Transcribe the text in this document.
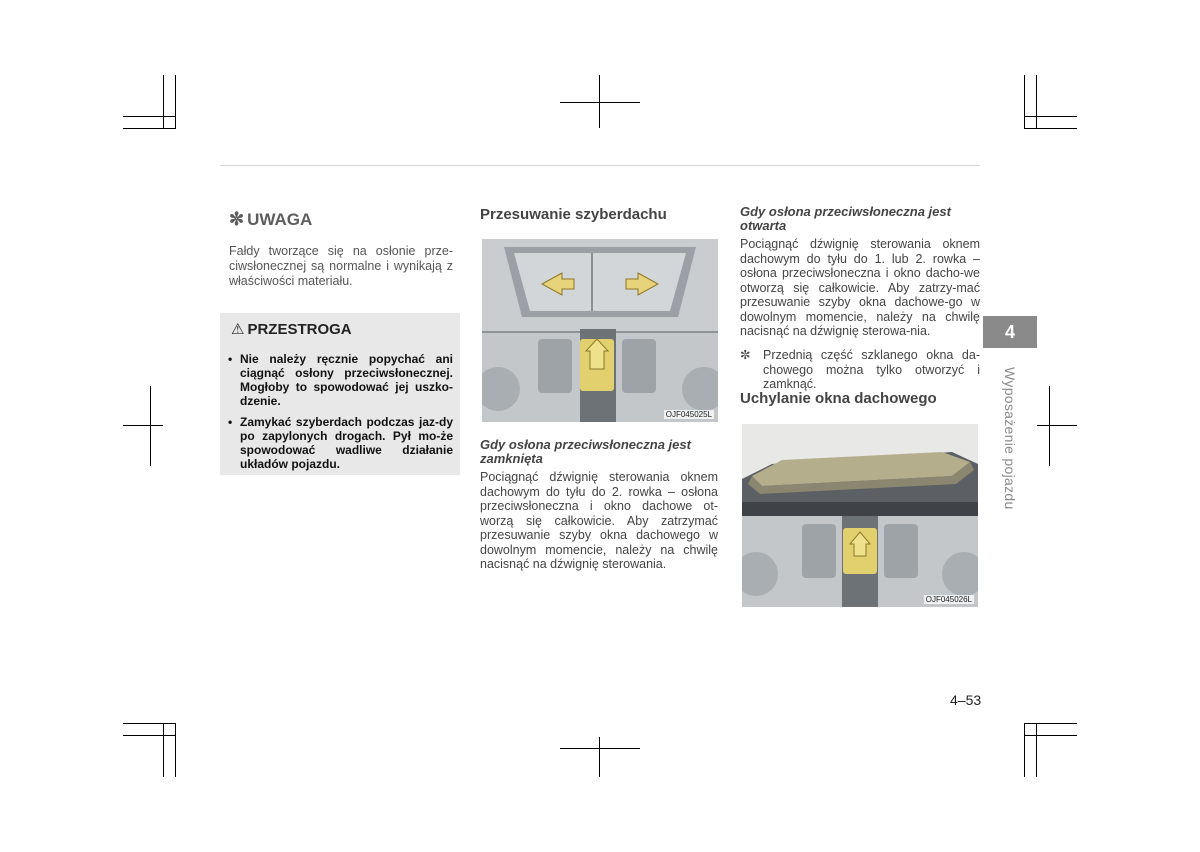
✼ UWAGA
Fałdy tworzące się na osłonie prze-ciwsłonecznej są normalne i wynikają z właściwości materiału.
⚠ PRZESTROGA
• Nie należy ręcznie popychać ani ciągnąć osłony przeciwsłonecznej. Mogłoby to spowodować jej uszko-dzenie.
• Zamykać szyberdach podczas jaz-dy po zapylonych drogach. Pył mo-że spowodować wadliwe działanie układów pojazdu.
Przesuwanie szyberdachu
OJF045025L
Gdy osłona przeciwsłoneczna jest zamknięta
Pociągnąć dźwignię sterowania oknem dachowym do tyłu do 2. rowka – osłona przeciwsłoneczna i okno dachowe ot-worzą się całkowicie. Aby zatrzymać przesuwanie szyby okna dachowego w dowolnym momencie, należy na chwilę nacisnąć na dźwignię sterowania.
Gdy osłona przeciwsłoneczna jest otwarta
Pociągnąć dźwignię sterowania oknem dachowym do tyłu do 1. lub 2. rowka – osłona przeciwsłoneczna i okno dacho-we otworzą się całkowicie. Aby zatrzy-mać przesuwanie szyby okna dachowe-go w dowolnym momencie, należy na chwilę nacisnąć na dźwignię sterowa-nia.
✼ Przednią część szklanego okna da-chowego można tylko otworzyć i zamknąć.
Uchylanie okna dachowego
OJF045026L
4
Wyposażenie pojazdu
4–53
